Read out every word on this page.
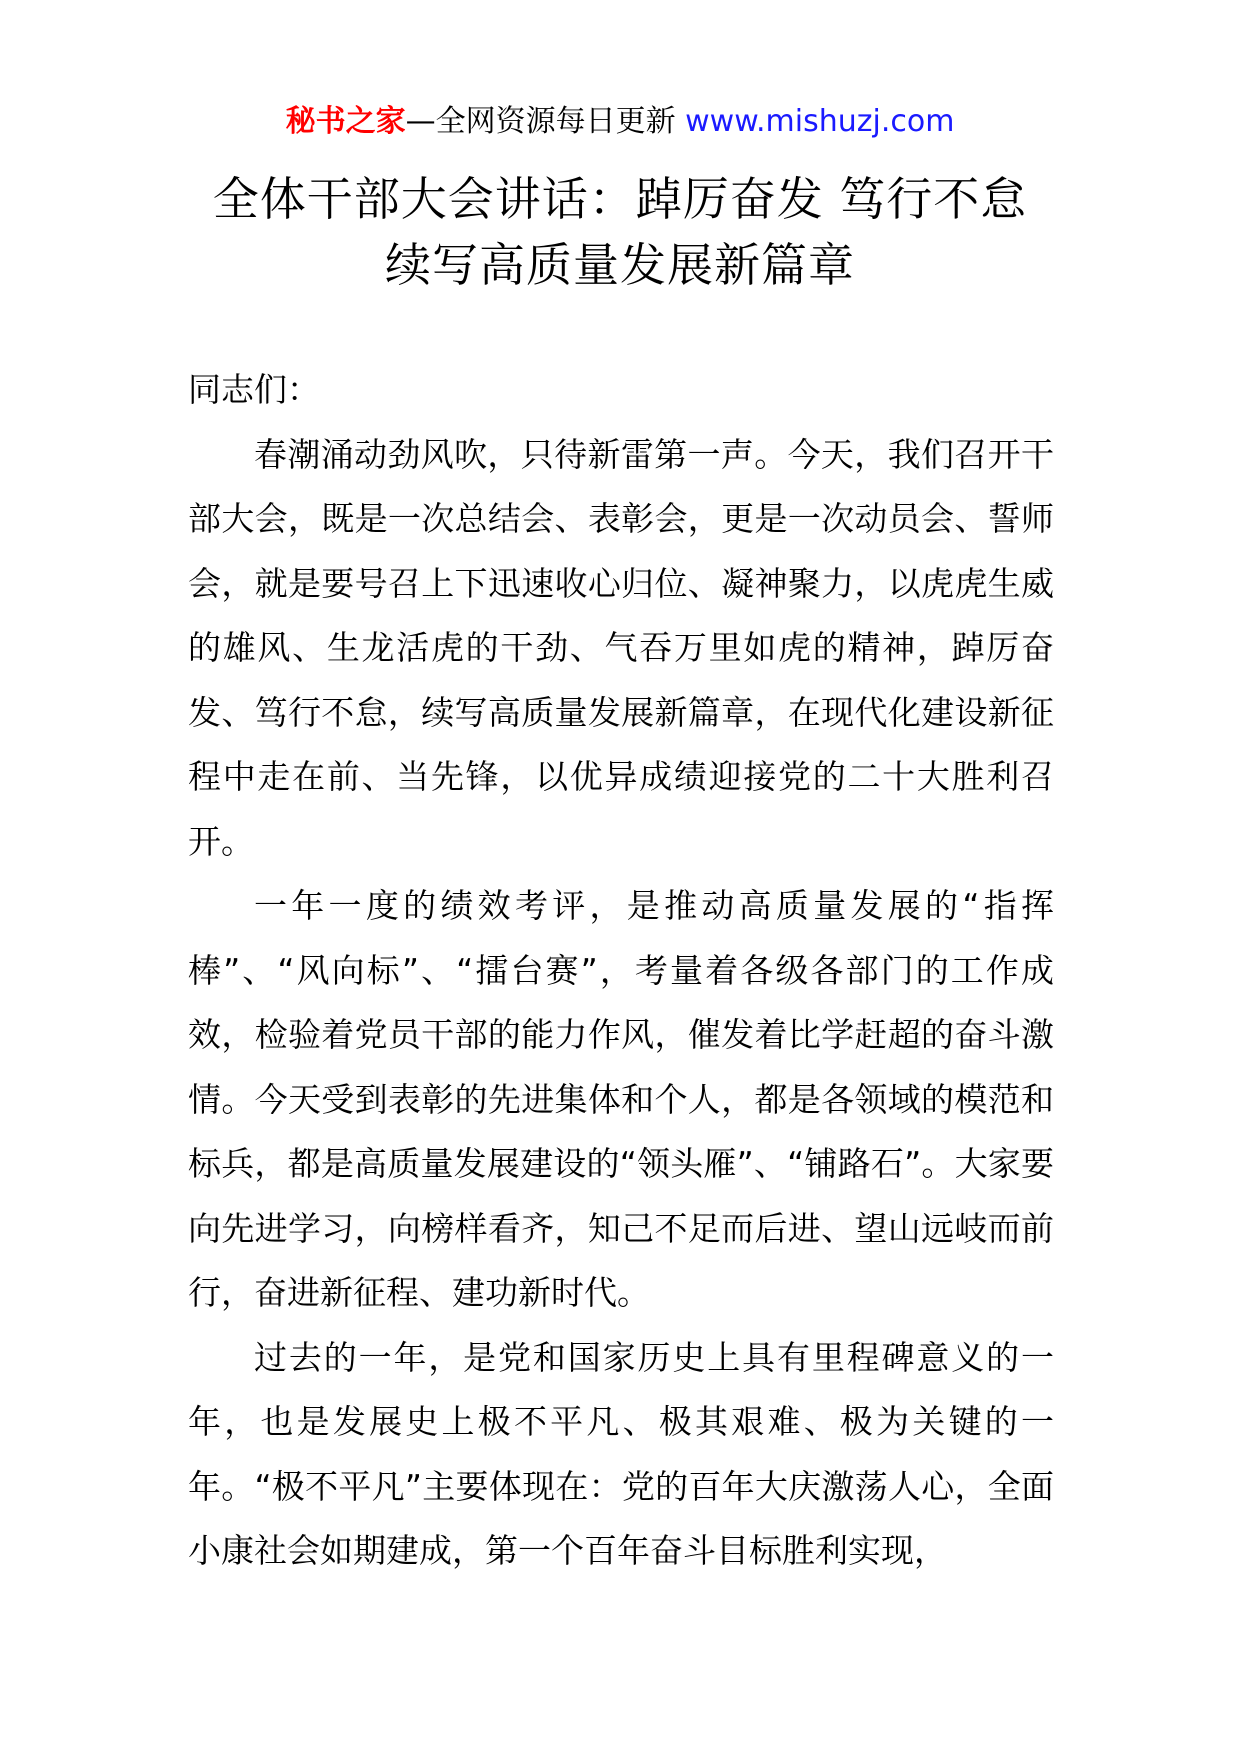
秘书之家—全网资源每日更新 www.mishuzj.com
全体干部大会讲话：踔厉奋发 笃行不怠
续写高质量发展新篇章

同志们：

春潮涌动劲风吹，只待新雷第一声。今天，我们召开干部大会，既是一次总结会、表彰会，更是一次动员会、誓师会，就是要号召上下迅速收心归位、凝神聚力，以虎虎生威的雄风、生龙活虎的干劲、气吞万里如虎的精神，踔厉奋发、笃行不怠，续写高质量发展新篇章，在现代化建设新征程中走在前、当先锋，以优异成绩迎接党的二十大胜利召开。

一年一度的绩效考评，是推动高质量发展的“指挥棒”、“风向标”、“擂台赛”，考量着各级各部门的工作成效，检验着党员干部的能力作风，催发着比学赶超的奋斗激情。今天受到表彰的先进集体和个人，都是各领域的模范和标兵，都是高质量发展建设的“领头雁”、“铺路石”。大家要向先进学习，向榜样看齐，知己不足而后进、望山远岐而前行，奋进新征程、建功新时代。

过去的一年，是党和国家历史上具有里程碑意义的一年，也是发展史上极不平凡、极其艰难、极为关键的一年。“极不平凡”主要体现在：党的百年大庆激荡人心，全面小康社会如期建成，第一个百年奋斗目标胜利实现，
